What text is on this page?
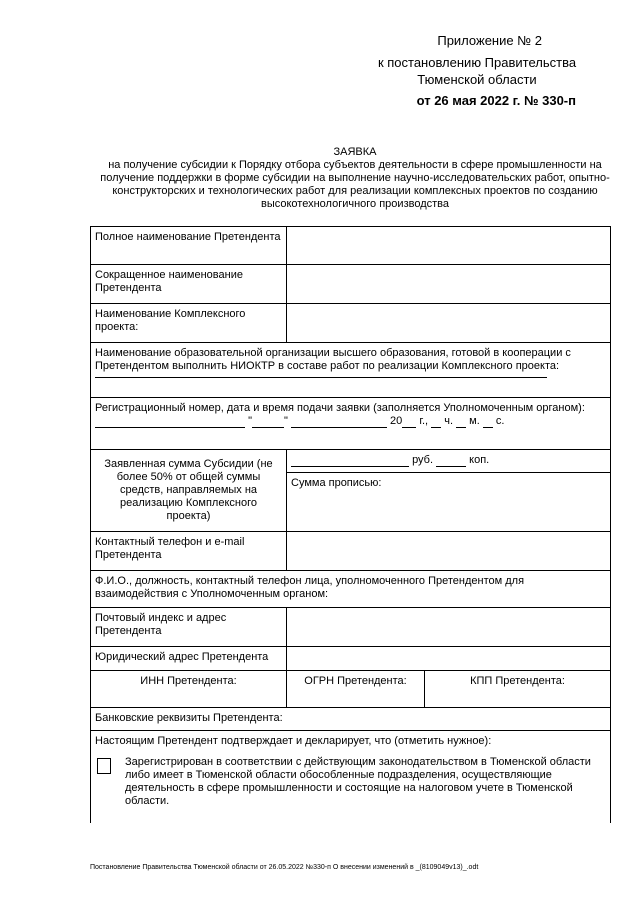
Приложение № 2
к постановлению Правительства Тюменской области
от 26 мая 2022 г. № 330-п
ЗАЯВКА
на получение субсидии к Порядку отбора субъектов деятельности в сфере промышленности на получение поддержки в форме субсидии на выполнение научно-исследовательских работ, опытно-конструкторских и технологических работ для реализации комплексных проектов по созданию высокотехнологичного производства
Полное наименование Претендента		
Сокращенное наименование Претендента		
Наименование Комплексного проекта:		
Наименование образовательной организации высшего образования, готовой в кооперации с Претендентом выполнить НИОКТР в составе работ по реализации Комплексного проекта:		

Регистрационный номер, дата и время подачи заявки (заполняется Уполномоченным органом):
" " 20 г., ч. м. с.		
Заявленная сумма Субсидии (не более 50% от общей суммы средств, направляемых на реализацию Комплексного проекта)	руб. коп.	
	Сумма прописью:	
Контактный телефон и e-mail Претендента		
Ф.И.О., должность, контактный телефон лица, уполномоченного Претендентом для взаимодействия с Уполномоченным органом:		
Почтовый индекс и адрес Претендента		
Юридический адрес Претендента		
ИНН Претендента:	ОГРН Претендента:	КПП Претендента:
Банковские реквизиты Претендента:		

Настоящим Претендент подтверждает и декларирует, что (отметить нужное):
Зарегистрирован в соответствии с действующим законодательством в Тюменской области либо имеет в Тюменской области обособленные подразделения, осуществляющие деятельность в сфере промышленности и состоящие на налоговом учете в Тюменской области.		
Постановление Правительства Тюменской области от 26.05.2022 №330-п О внесении изменений в _(8109049v13)_.odt
